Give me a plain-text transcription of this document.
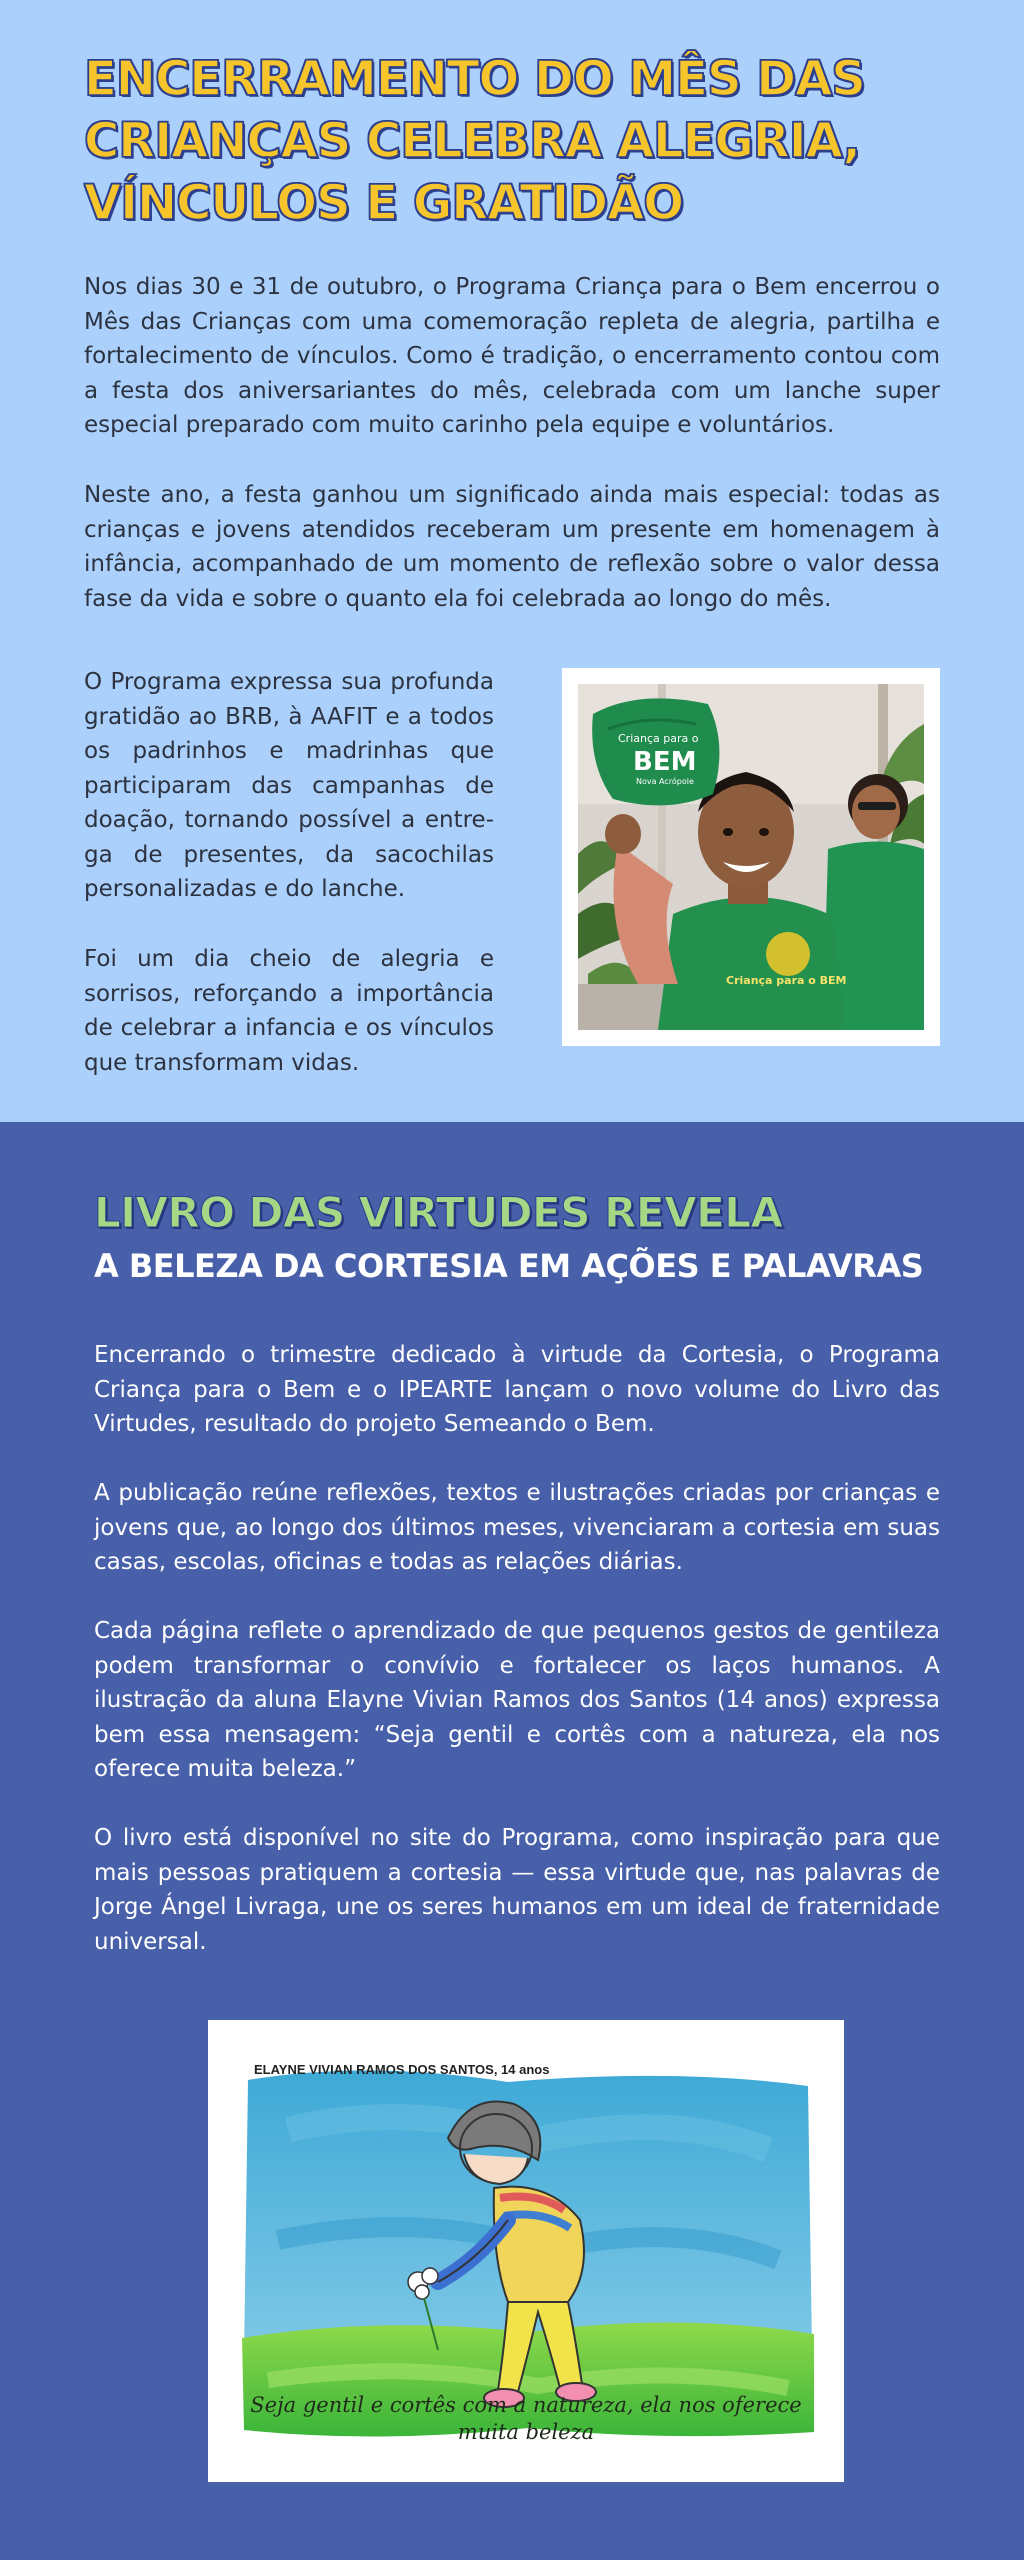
ENCERRAMENTO DO MÊS DAS CRIANÇAS CELEBRA ALEGRIA, VÍNCULOS E GRATIDÃO

Nos dias 30 e 31 de outubro, o Programa Criança para o Bem encerrou o Mês das Crianças com uma comemoração repleta de alegria, partilha e fortalecimento de vínculos. Como é tradição, o encerramento contou com a festa dos aniversariantes do mês, celebrada com um lanche super especial preparado com muito carinho pela equipe e voluntários.

Neste ano, a festa ganhou um significado ainda mais especial: todas as crianças e jovens atendidos receberam um presente em homenagem à infância, acompanhado de um momento de reflexão sobre o valor dessa fase da vida e sobre o quanto ela foi celebrada ao longo do mês.

O Programa expressa sua profunda gratidão ao BRB, à AAFIT e a todos os padrinhos e madrinhas que participaram das campanhas de doação, tornando possível a entre-ga de presentes, da sacochilas personalizadas e do lanche.

Foi um dia cheio de alegria e sorrisos, reforçando a importância de celebrar a infancia e os vínculos que transformam vidas.

Criança para o BEM
Criança para o
BEM
Nova Acrópole
LIVRO DAS VIRTUDES REVELA
A BELEZA DA CORTESIA EM AÇÕES E PALAVRAS

Encerrando o trimestre dedicado à virtude da Cortesia, o Programa Criança para o Bem e o IPEARTE lançam o novo volume do Livro das Virtudes, resultado do projeto Semeando o Bem.

A publicação reúne reflexões, textos e ilustrações criadas por crianças e jovens que, ao longo dos últimos meses, vivenciaram a cortesia em suas casas, escolas, oficinas e todas as relações diárias.

Cada página reflete o aprendizado de que pequenos gestos de gentileza podem transformar o convívio e fortalecer os laços humanos. A ilustração da aluna Elayne Vivian Ramos dos Santos (14 anos) expressa bem essa mensagem: “Seja gentil e cortês com a natureza, ela nos oferece muita beleza.”

O livro está disponível no site do Programa, como inspiração para que mais pessoas pratiquem a cortesia — essa virtude que, nas palavras de Jorge Ángel Livraga, une os seres humanos em um ideal de fraternidade universal.

ELAYNE VIVIAN RAMOS DOS SANTOS, 14 anos
Seja gentil e cortês com a natureza, ela nos oferece muita beleza
